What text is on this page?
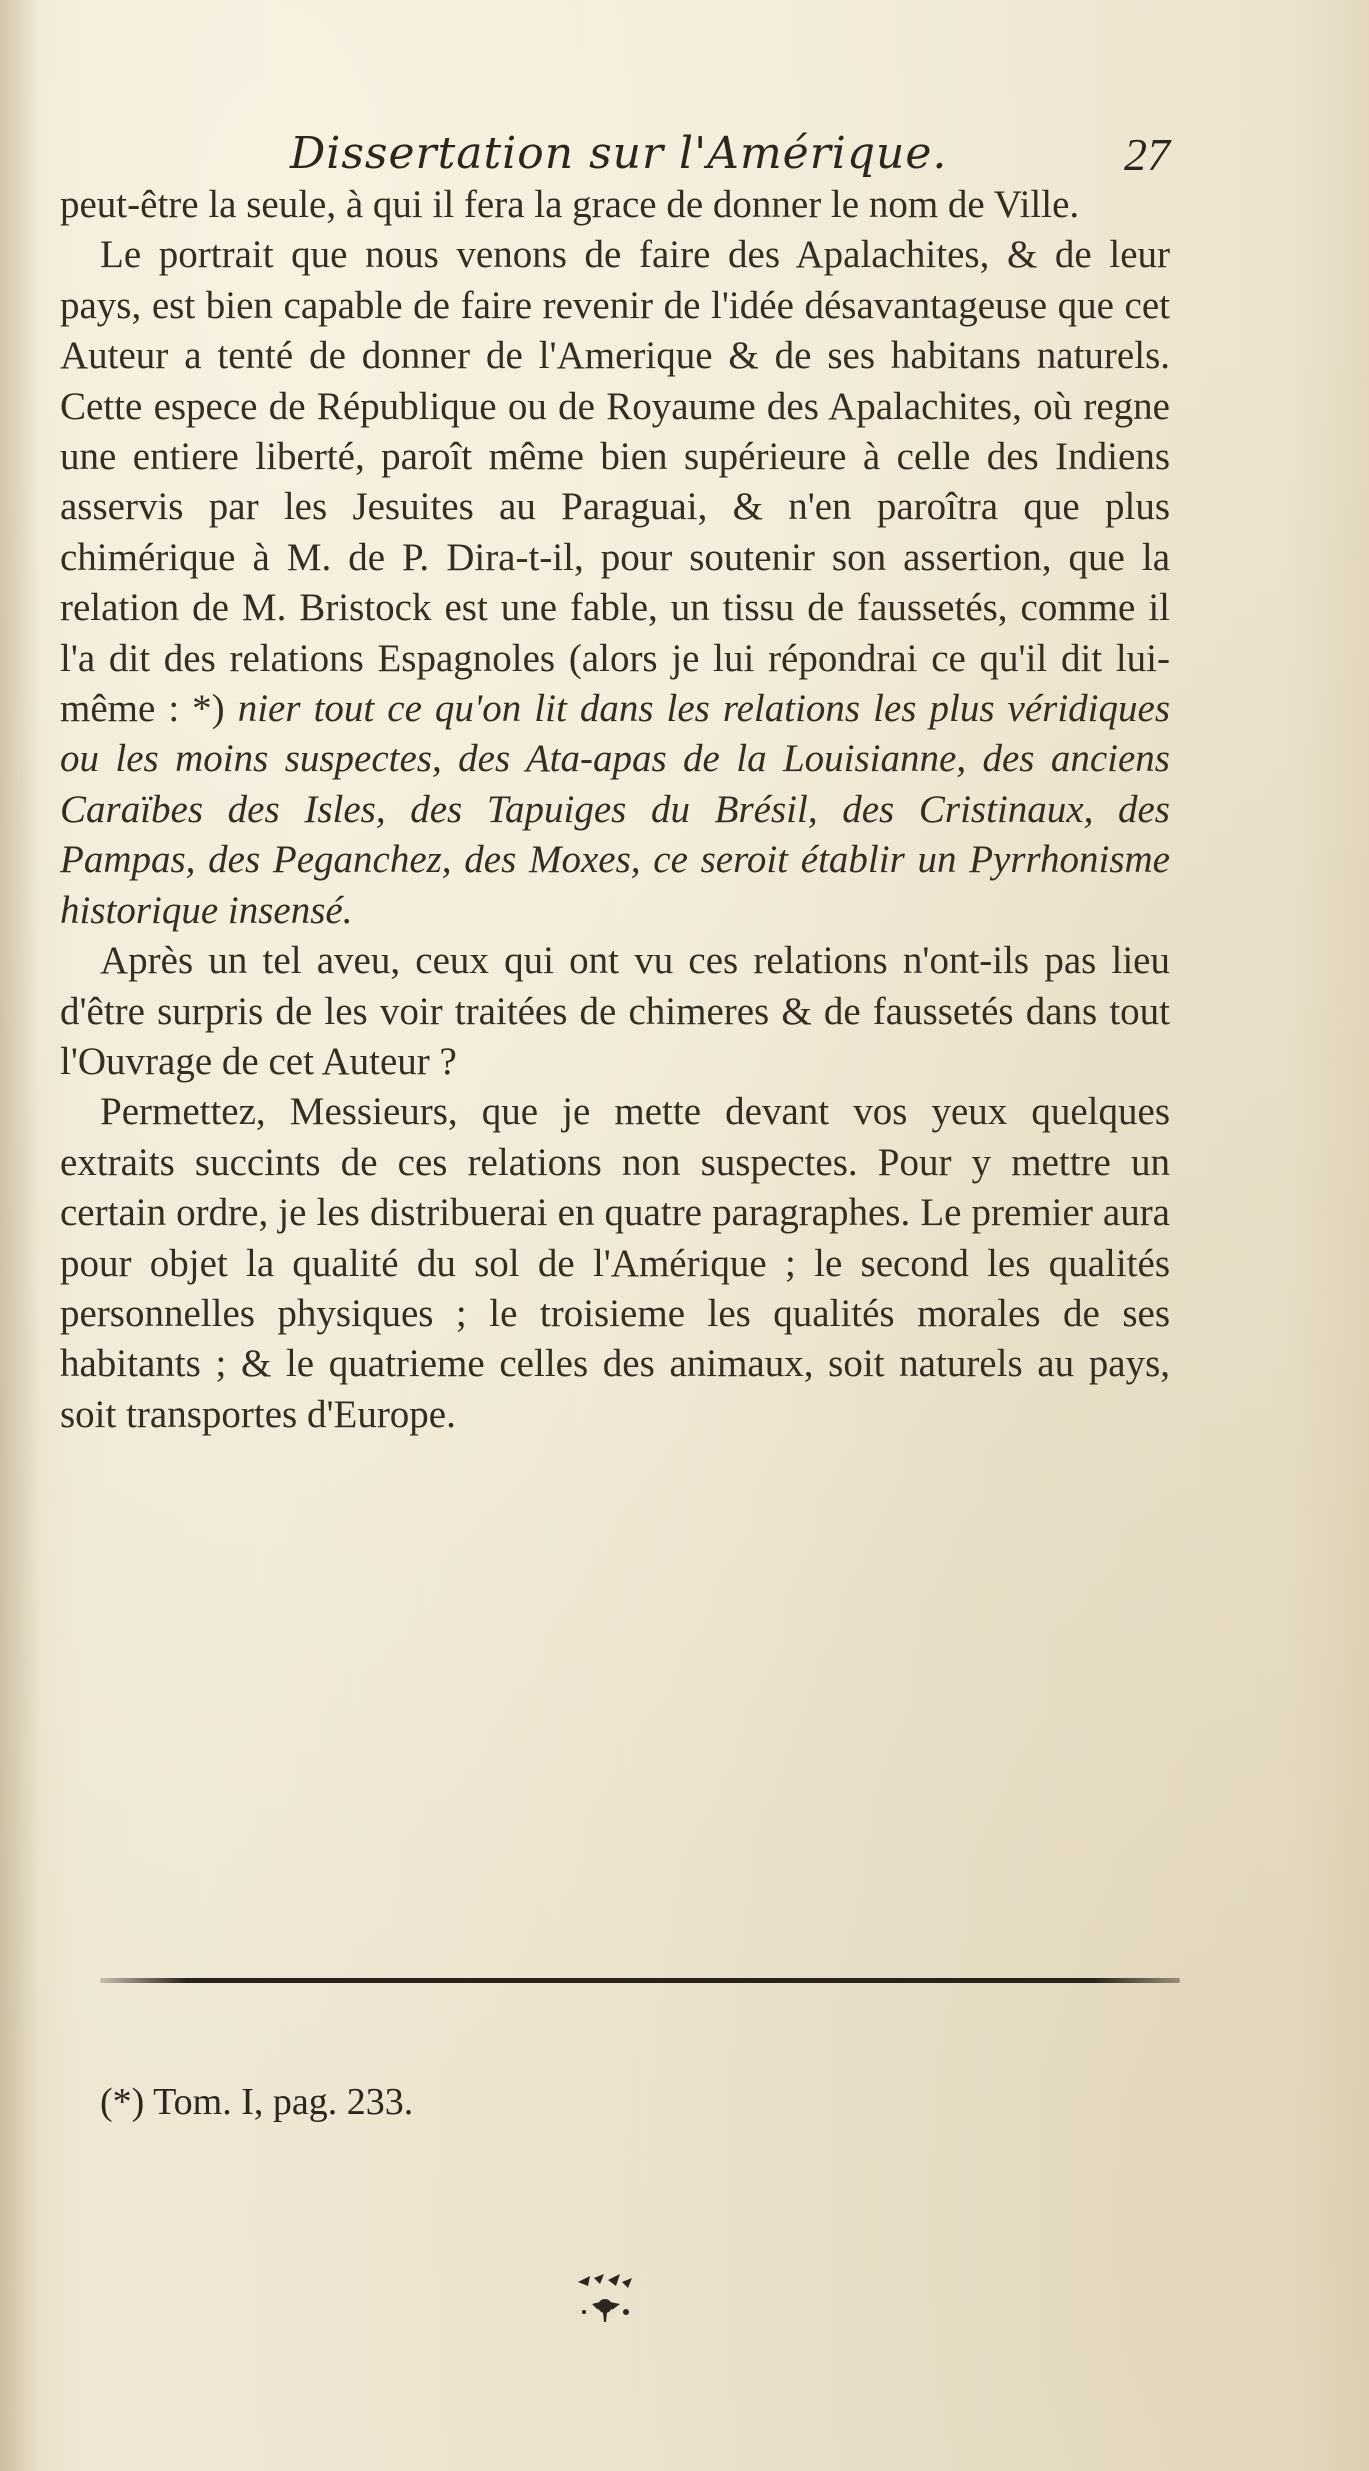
Dissertation sur l'Amérique.	27

peut-être la seule, à qui il fera la grace de donner le nom de Ville.

Le portrait que nous venons de faire des Apalachites, & de leur pays, est bien capable de faire revenir de l'idée désavantageuse que cet Auteur a tenté de donner de l'Amerique & de ses habitans naturels. Cette espece de République ou de Royaume des Apalachites, où regne une entiere liberté, paroît même bien supérieure à celle des Indiens asservis par les Jesuites au Paraguai, & n'en paroîtra que plus chimérique à M. de P. Dira-t-il, pour soutenir son assertion, que la relation de M. Bristock est une fable, un tissu de faussetés, comme il l'a dit des relations Espagnoles (alors je lui répondrai ce qu'il dit lui-même : *) nier tout ce qu'on lit dans les relations les plus véridiques ou les moins suspectes, des Ata-apas de la Louisianne, des anciens Caraïbes des Isles, des Tapuiges du Brésil, des Cristinaux, des Pampas, des Peganchez, des Moxes, ce seroit établir un Pyrrhonisme historique insensé.

Après un tel aveu, ceux qui ont vu ces relations n'ont-ils pas lieu d'être surpris de les voir traitées de chimeres & de faussetés dans tout l'Ouvrage de cet Auteur ?

Permettez, Messieurs, que je mette devant vos yeux quelques extraits succints de ces relations non suspectes. Pour y mettre un certain ordre, je les distribuerai en quatre paragraphes. Le premier aura pour objet la qualité du sol de l'Amérique ; le second les qualités personnelles physiques ; le troisieme les qualités morales de ses habitants ; & le quatrieme celles des animaux, soit naturels au pays, soit transportes d'Europe.

(*) Tom. I, pag. 233.
